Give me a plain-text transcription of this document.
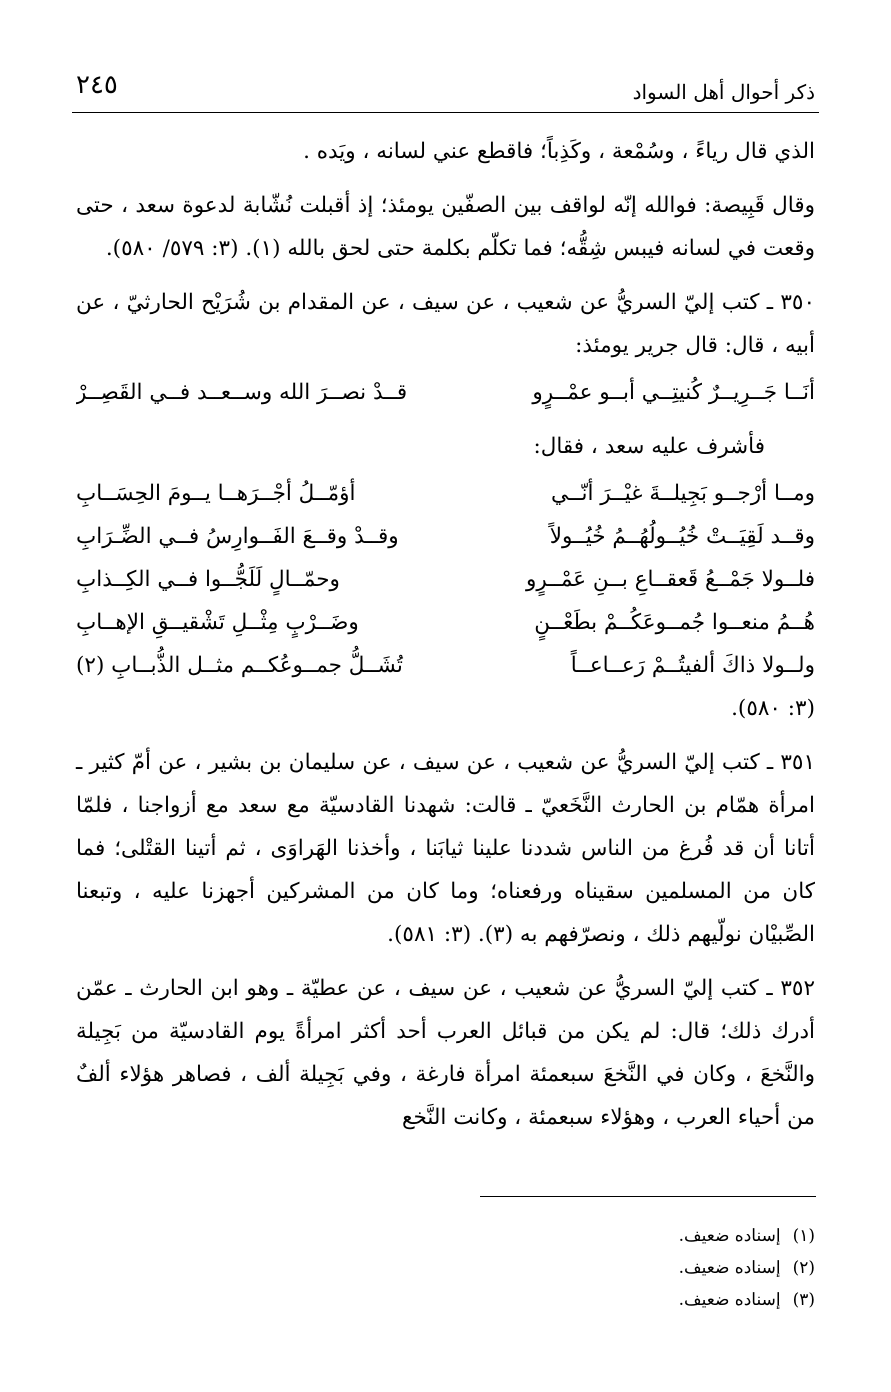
ذكر أحوال أهل السواد
٢٤٥

الذي قال رياءً ، وسُمْعة ، وكَذِباً؛ فاقطع عني لسانه ، ويَده .

وقال قَبِيصة: فوالله إنّه لواقف بين الصفّين يومئذ؛ إذ أقبلت نُشّابة لدعوة سعد ، حتى وقعت في لسانه فيبس شِقُّه؛ فما تكلّم بكلمة حتى لحق بالله (١). (٣: ٥٧٩/ ٥٨٠).

٣٥٠ ـ كتب إليّ السريُّ عن شعيب ، عن سيف ، عن المقدام بن شُرَيْح الحارثيّ ، عن أبيه ، قال: قال جرير يومئذ:

أنَــا جَــرِيــرٌ كُنيتِــي أبــو عمْــرٍو
قــدْ نصــرَ الله وســعــد فــي القَصِــرْ

فأشرف عليه سعد ، فقال:

ومــا أرْجــو بَجِيلــةَ غيْــرَ أنّــي
أؤمّــلُ أجْــرَهــا يــومَ الحِسَــابِ
وقــد لَقِيَــتْ خُيُــولُهُــمُ خُيُــولاً
وقــدْ وقــعَ الفَــوارِسُ فــي الضِّـرَابِ
فلــولا جَمْــعُ قَعقــاعِ بــنِ عَمْــرٍو
وحمّــالٍ لَلَجُّــوا فــي الكِــذابِ
هُــمُ منعــوا جُمــوعَكُــمْ بطَعْــنٍ
وضَــرْبٍ مِثْــلِ تَشْقيــقِ الإهــابِ
ولــولا ذاكَ ألفيتُــمْ رَعــاعــاً
تُشَــلُّ جمــوعُكــم مثــل الذُّبــابِ (٢)

(٣: ٥٨٠).

٣٥١ ـ كتب إليّ السريُّ عن شعيب ، عن سيف ، عن سليمان بن بشير ، عن أمّ كثير ـ امرأة همّام بن الحارث النَّخَعيّ ـ قالت: شهدنا القادسيّة مع سعد مع أزواجنا ، فلمّا أتانا أن قد فُرغ من الناس شددنا علينا ثيابَنا ، وأخذنا الهَراوَى ، ثم أتينا القتْلى؛ فما كان من المسلمين سقيناه ورفعناه؛ وما كان من المشركين أجهزنا عليه ، وتبعنا الصِّبيْان نولّيهم ذلك ، ونصرّفهم به (٣). (٣: ٥٨١).

٣٥٢ ـ كتب إليّ السريُّ عن شعيب ، عن سيف ، عن عطيّة ـ وهو ابن الحارث ـ عمّن أدرك ذلك؛ قال: لم يكن من قبائل العرب أحد أكثر امرأةً يوم القادسيّة من بَجِيلة والنَّخعَ ، وكان في النَّخعَ سبعمئة امرأة فارغة ، وفي بَجِيلة ألف ، فصاهر هؤلاء ألفٌ من أحياء العرب ، وهؤلاء سبعمئة ، وكانت النَّخع

(١)إسناده ضعيف.
(٢)إسناده ضعيف.
(٣)إسناده ضعيف.
